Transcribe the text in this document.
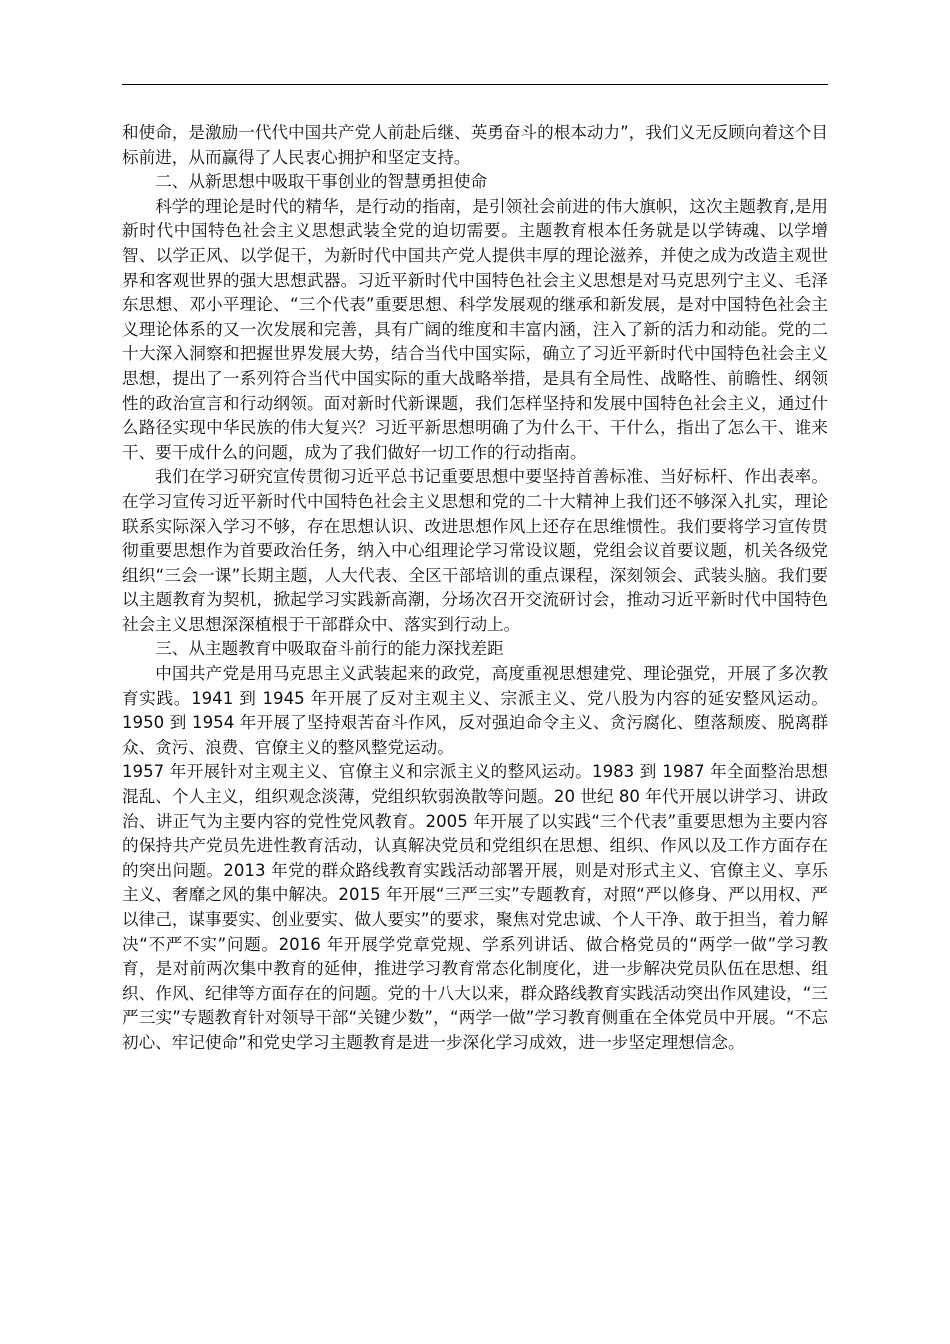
和使命，是激励一代代中国共产党人前赴后继、英勇奋斗的根本动力”，我们义无反顾向着这个目标前进，从而赢得了人民衷心拥护和坚定支持。

二、从新思想中吸取干事创业的智慧勇担使命

科学的理论是时代的精华，是行动的指南，是引领社会前进的伟大旗帜，这次主题教育,是用新时代中国特色社会主义思想武装全党的迫切需要。主题教育根本任务就是以学铸魂、以学增智、以学正风、以学促干，为新时代中国共产党人提供丰厚的理论滋养，并使之成为改造主观世界和客观世界的强大思想武器。习近平新时代中国特色社会主义思想是对马克思列宁主义、毛泽东思想、邓小平理论、“三个代表”重要思想、科学发展观的继承和新发展，是对中国特色社会主义理论体系的又一次发展和完善，具有广阔的维度和丰富内涵，注入了新的活力和动能。党的二十大深入洞察和把握世界发展大势，结合当代中国实际，确立了习近平新时代中国特色社会主义思想，提出了一系列符合当代中国实际的重大战略举措，是具有全局性、战略性、前瞻性、纲领性的政治宣言和行动纲领。面对新时代新课题，我们怎样坚持和发展中国特色社会主义，通过什么路径实现中华民族的伟大复兴？习近平新思想明确了为什么干、干什么，指出了怎么干、谁来干、要干成什么的问题，成为了我们做好一切工作的行动指南。

我们在学习研究宣传贯彻习近平总书记重要思想中要坚持首善标准、当好标杆、作出表率。在学习宣传习近平新时代中国特色社会主义思想和党的二十大精神上我们还不够深入扎实，理论联系实际深入学习不够，存在思想认识、改进思想作风上还存在思维惯性。我们要将学习宣传贯彻重要思想作为首要政治任务，纳入中心组理论学习常设议题，党组会议首要议题，机关各级党组织“三会一课”长期主题，人大代表、全区干部培训的重点课程，深刻领会、武装头脑。我们要以主题教育为契机，掀起学习实践新高潮，分场次召开交流研讨会，推动习近平新时代中国特色社会主义思想深深植根于干部群众中、落实到行动上。

三、从主题教育中吸取奋斗前行的能力深找差距

中国共产党是用马克思主义武装起来的政党，高度重视思想建党、理论强党，开展了多次教育实践。1941 到 1945 年开展了反对主观主义、宗派主义、党八股为内容的延安整风运动。1950 到 1954 年开展了坚持艰苦奋斗作风，反对强迫命令主义、贪污腐化、堕落颓废、脱离群众、贪污、浪费、官僚主义的整风整党运动。

1957 年开展针对主观主义、官僚主义和宗派主义的整风运动。1983 到 1987 年全面整治思想混乱、个人主义，组织观念淡薄，党组织软弱涣散等问题。20 世纪 80 年代开展以讲学习、讲政治、讲正气为主要内容的党性党风教育。2005 年开展了以实践“三个代表”重要思想为主要内容的保持共产党员先进性教育活动，认真解决党员和党组织在思想、组织、作风以及工作方面存在的突出问题。2013 年党的群众路线教育实践活动部署开展，则是对形式主义、官僚主义、享乐主义、奢靡之风的集中解决。2015 年开展“三严三实”专题教育，对照“严以修身、严以用权、严以律己，谋事要实、创业要实、做人要实”的要求，聚焦对党忠诚、个人干净、敢于担当，着力解决“不严不实”问题。2016 年开展学党章党规、学系列讲话、做合格党员的“两学一做”学习教育，是对前两次集中教育的延伸，推进学习教育常态化制度化，进一步解决党员队伍在思想、组织、作风、纪律等方面存在的问题。党的十八大以来，群众路线教育实践活动突出作风建设，“三严三实”专题教育针对领导干部“关键少数”，“两学一做”学习教育侧重在全体党员中开展。“不忘初心、牢记使命”和党史学习主题教育是进一步深化学习成效，进一步坚定理想信念。
